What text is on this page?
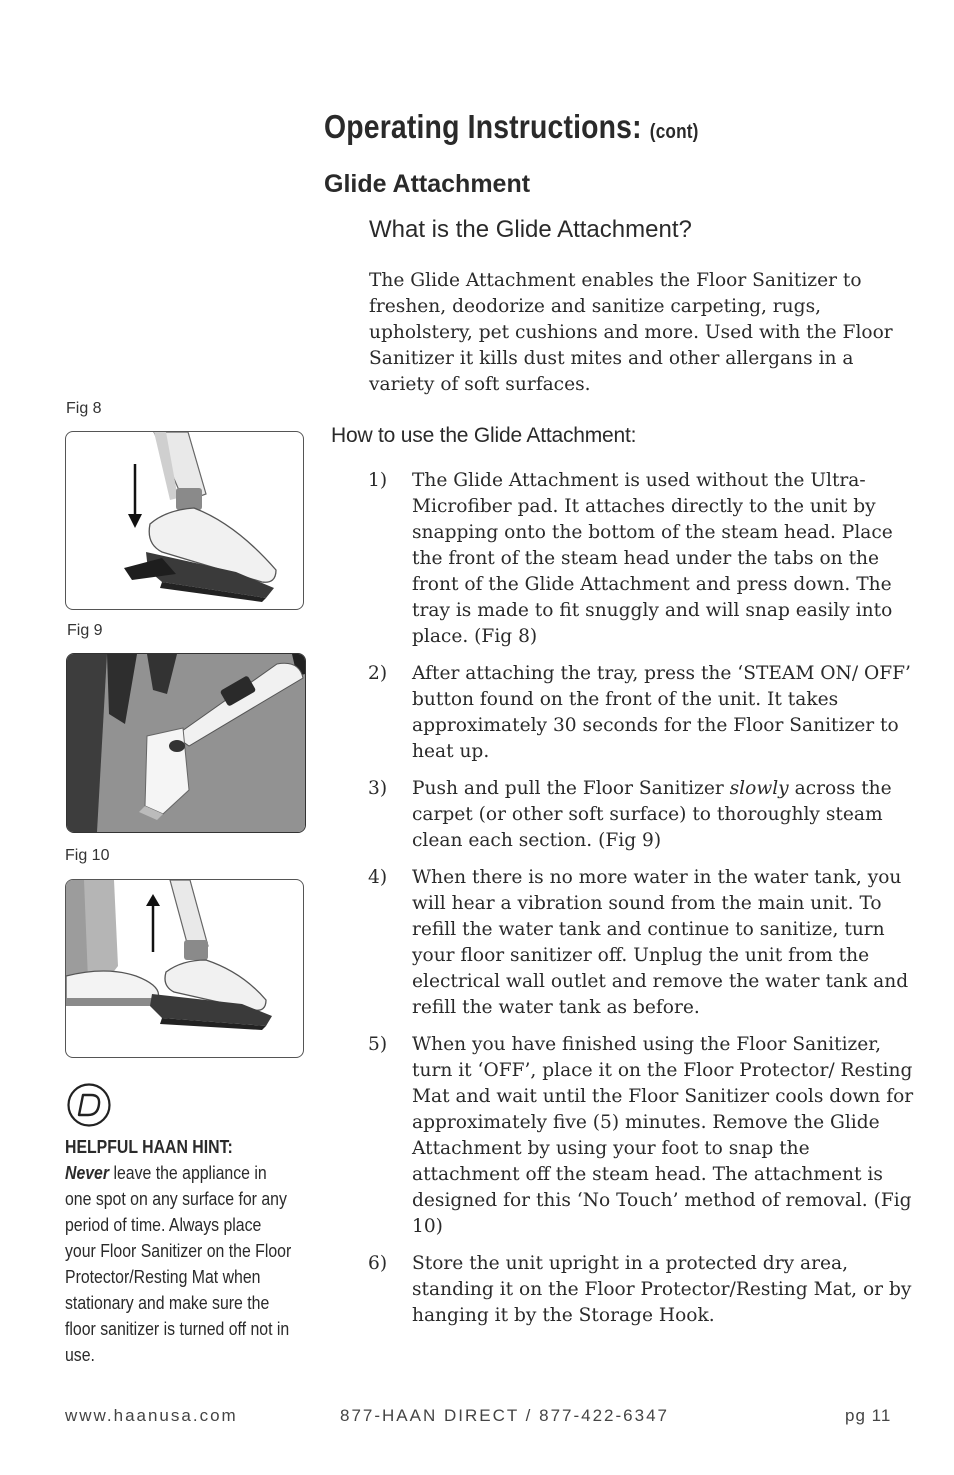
Operating Instructions: (cont)
Glide Attachment
What is the Glide Attachment?
The Glide Attachment enables the Floor Sanitizer to freshen, deodorize and sanitize carpeting, rugs, upholstery, pet cushions and more. Used with the Floor Sanitizer it kills dust mites and other allergans in a variety of soft surfaces.
How to use the Glide Attachment:
1)	The Glide Attachment is used without the Ultra-Microfiber pad. It attaches directly to the unit by snapping onto the bottom of the steam head. Place the front of the steam head under the tabs on the front of the Glide Attachment and press down. The tray is made to fit snuggly and will snap easily into place. (Fig 8)
2)	After attaching the tray, press the ‘STEAM ON/ OFF’ button found on the front of the unit. It takes approximately 30 seconds for the Floor Sanitizer to heat up.
3)	Push and pull the Floor Sanitizer slowly across the carpet (or other soft surface) to thoroughly steam clean each section. (Fig 9)
4)	When there is no more water in the water tank, you will hear a vibration sound from the main unit. To refill the water tank and continue to sanitize, turn your floor sanitizer off. Unplug the unit from the electrical wall outlet and remove the water tank and refill the water tank as before.
5)	When you have finished using the Floor Sanitizer, turn it ‘OFF’, place it on the Floor Protector/ Resting Mat and wait until the Floor Sanitizer cools down for approximately five (5) minutes. Remove the Glide Attachment by using your foot to snap the attachment off the steam head. The attachment is designed for this ‘No Touch’ method of removal. (Fig 10)
6)	Store the unit upright in a protected dry area, standing it on the Floor Protector/Resting Mat, or by hanging it by the Storage Hook.
Fig 8
Fig 9
Fig 10
HELPFUL HAAN HINT:
Never leave the appliance in one spot on any surface for any period of time. Always place your Floor Sanitizer on the Floor Protector/Resting Mat when stationary and make sure the floor sanitizer is turned off not in use.
www.haanusa.com	877-HAAN DIRECT / 877-422-6347	pg 11
